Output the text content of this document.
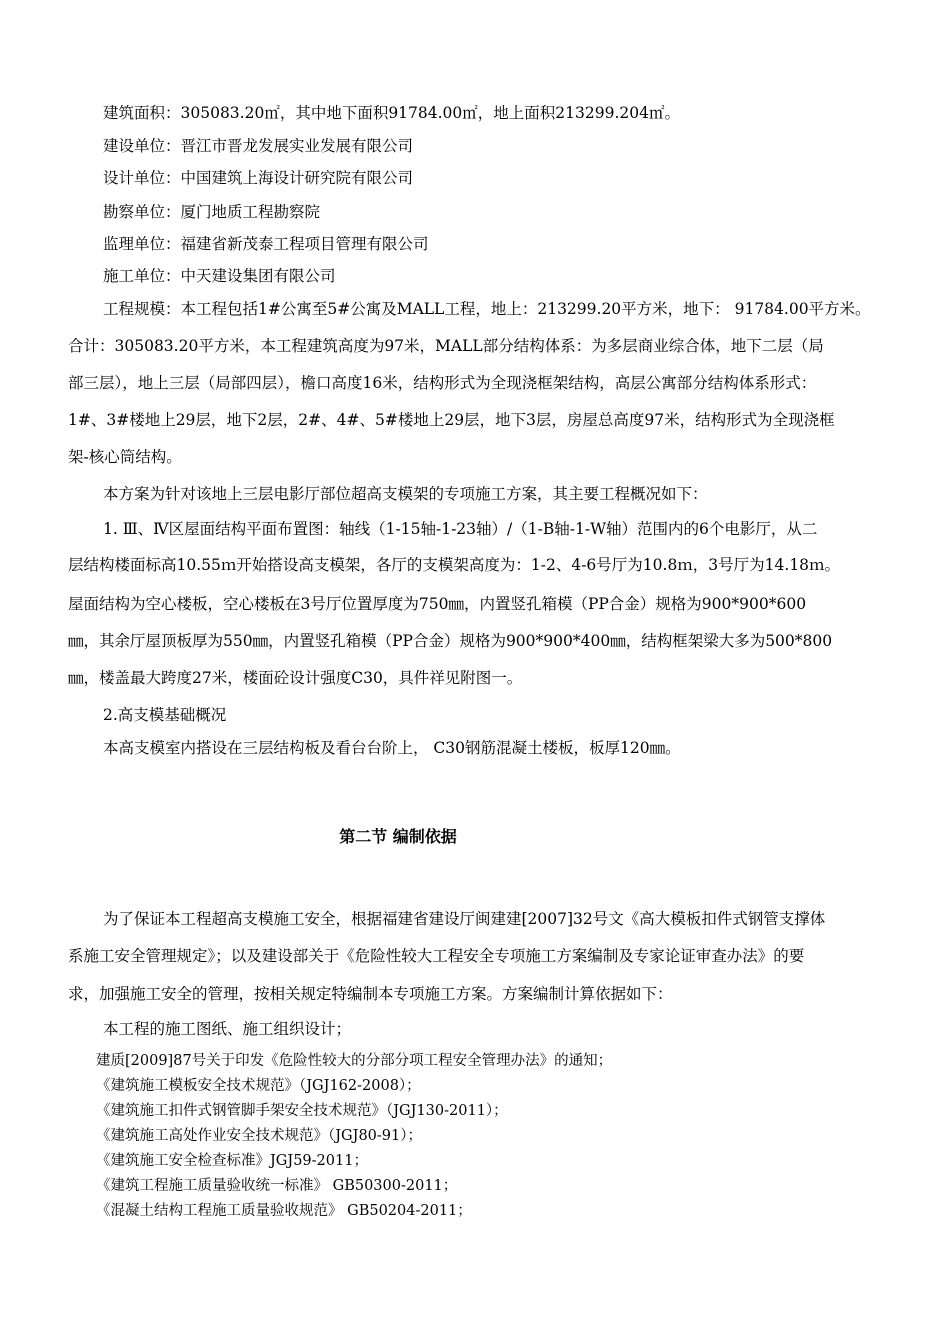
建筑面积：305083.20㎡，其中地下面积91784.00㎡，地上面积213299.204㎡。
建设单位：晋江市晋龙发展实业发展有限公司
设计单位：中国建筑上海设计研究院有限公司
勘察单位：厦门地质工程勘察院
监理单位：福建省新茂泰工程项目管理有限公司
施工单位：中天建设集团有限公司
工程规模：本工程包括1#公寓至5#公寓及MALL工程，地上：213299.20平方米，地下： 91784.00平方米。
合计：305083.20平方米，本工程建筑高度为97米，MALL部分结构体系：为多层商业综合体，地下二层（局
部三层），地上三层（局部四层），檐口高度16米，结构形式为全现浇框架结构，高层公寓部分结构体系形式：
1#、3#楼地上29层，地下2层，2#、4#、5#楼地上29层，地下3层，房屋总高度97米，结构形式为全现浇框
架-核心筒结构。
本方案为针对该地上三层电影厅部位超高支模架的专项施工方案，其主要工程概况如下：
1. Ⅲ、Ⅳ区屋面结构平面布置图：轴线（1-15轴-1-23轴）/（1-B轴-1-W轴）范围内的6个电影厅，从二
层结构楼面标高10.55ｍ开始搭设高支模架，各厅的支模架高度为：1-2、4-6号厅为10.8ｍ，3号厅为14.18ｍ。
屋面结构为空心楼板，空心楼板在3号厅位置厚度为750㎜，内置竖孔箱模（PP合金）规格为900*900*600
㎜，其余厅屋顶板厚为550㎜，内置竖孔箱模（PP合金）规格为900*900*400㎜，结构框架梁大多为500*800
㎜，楼盖最大跨度27米，楼面砼设计强度C30，具件祥见附图一。
2.高支模基础概况
本高支模室内搭设在三层结构板及看台台阶上， C30钢筋混凝土楼板，板厚120㎜。
第二节 编制依据
为了保证本工程超高支模施工安全，根据福建省建设厅闽建建[2007]32号文《高大模板扣件式钢管支撑体
系施工安全管理规定》；以及建设部关于《危险性较大工程安全专项施工方案编制及专家论证审查办法》的要
求，加强施工安全的管理，按相关规定特编制本专项施工方案。方案编制计算依据如下：
本工程的施工图纸、施工组织设计；
建质[2009]87号关于印发《危险性较大的分部分项工程安全管理办法》的通知；
《建筑施工模板安全技术规范》（JGJ162-2008）；
《建筑施工扣件式钢管脚手架安全技术规范》（JGJ130-2011）；
《建筑施工高处作业安全技术规范》（JGJ80-91）；
《建筑施工安全检查标准》JGJ59-2011；
《建筑工程施工质量验收统一标准》 GB50300-2011；
《混凝土结构工程施工质量验收规范》 GB50204-2011；
